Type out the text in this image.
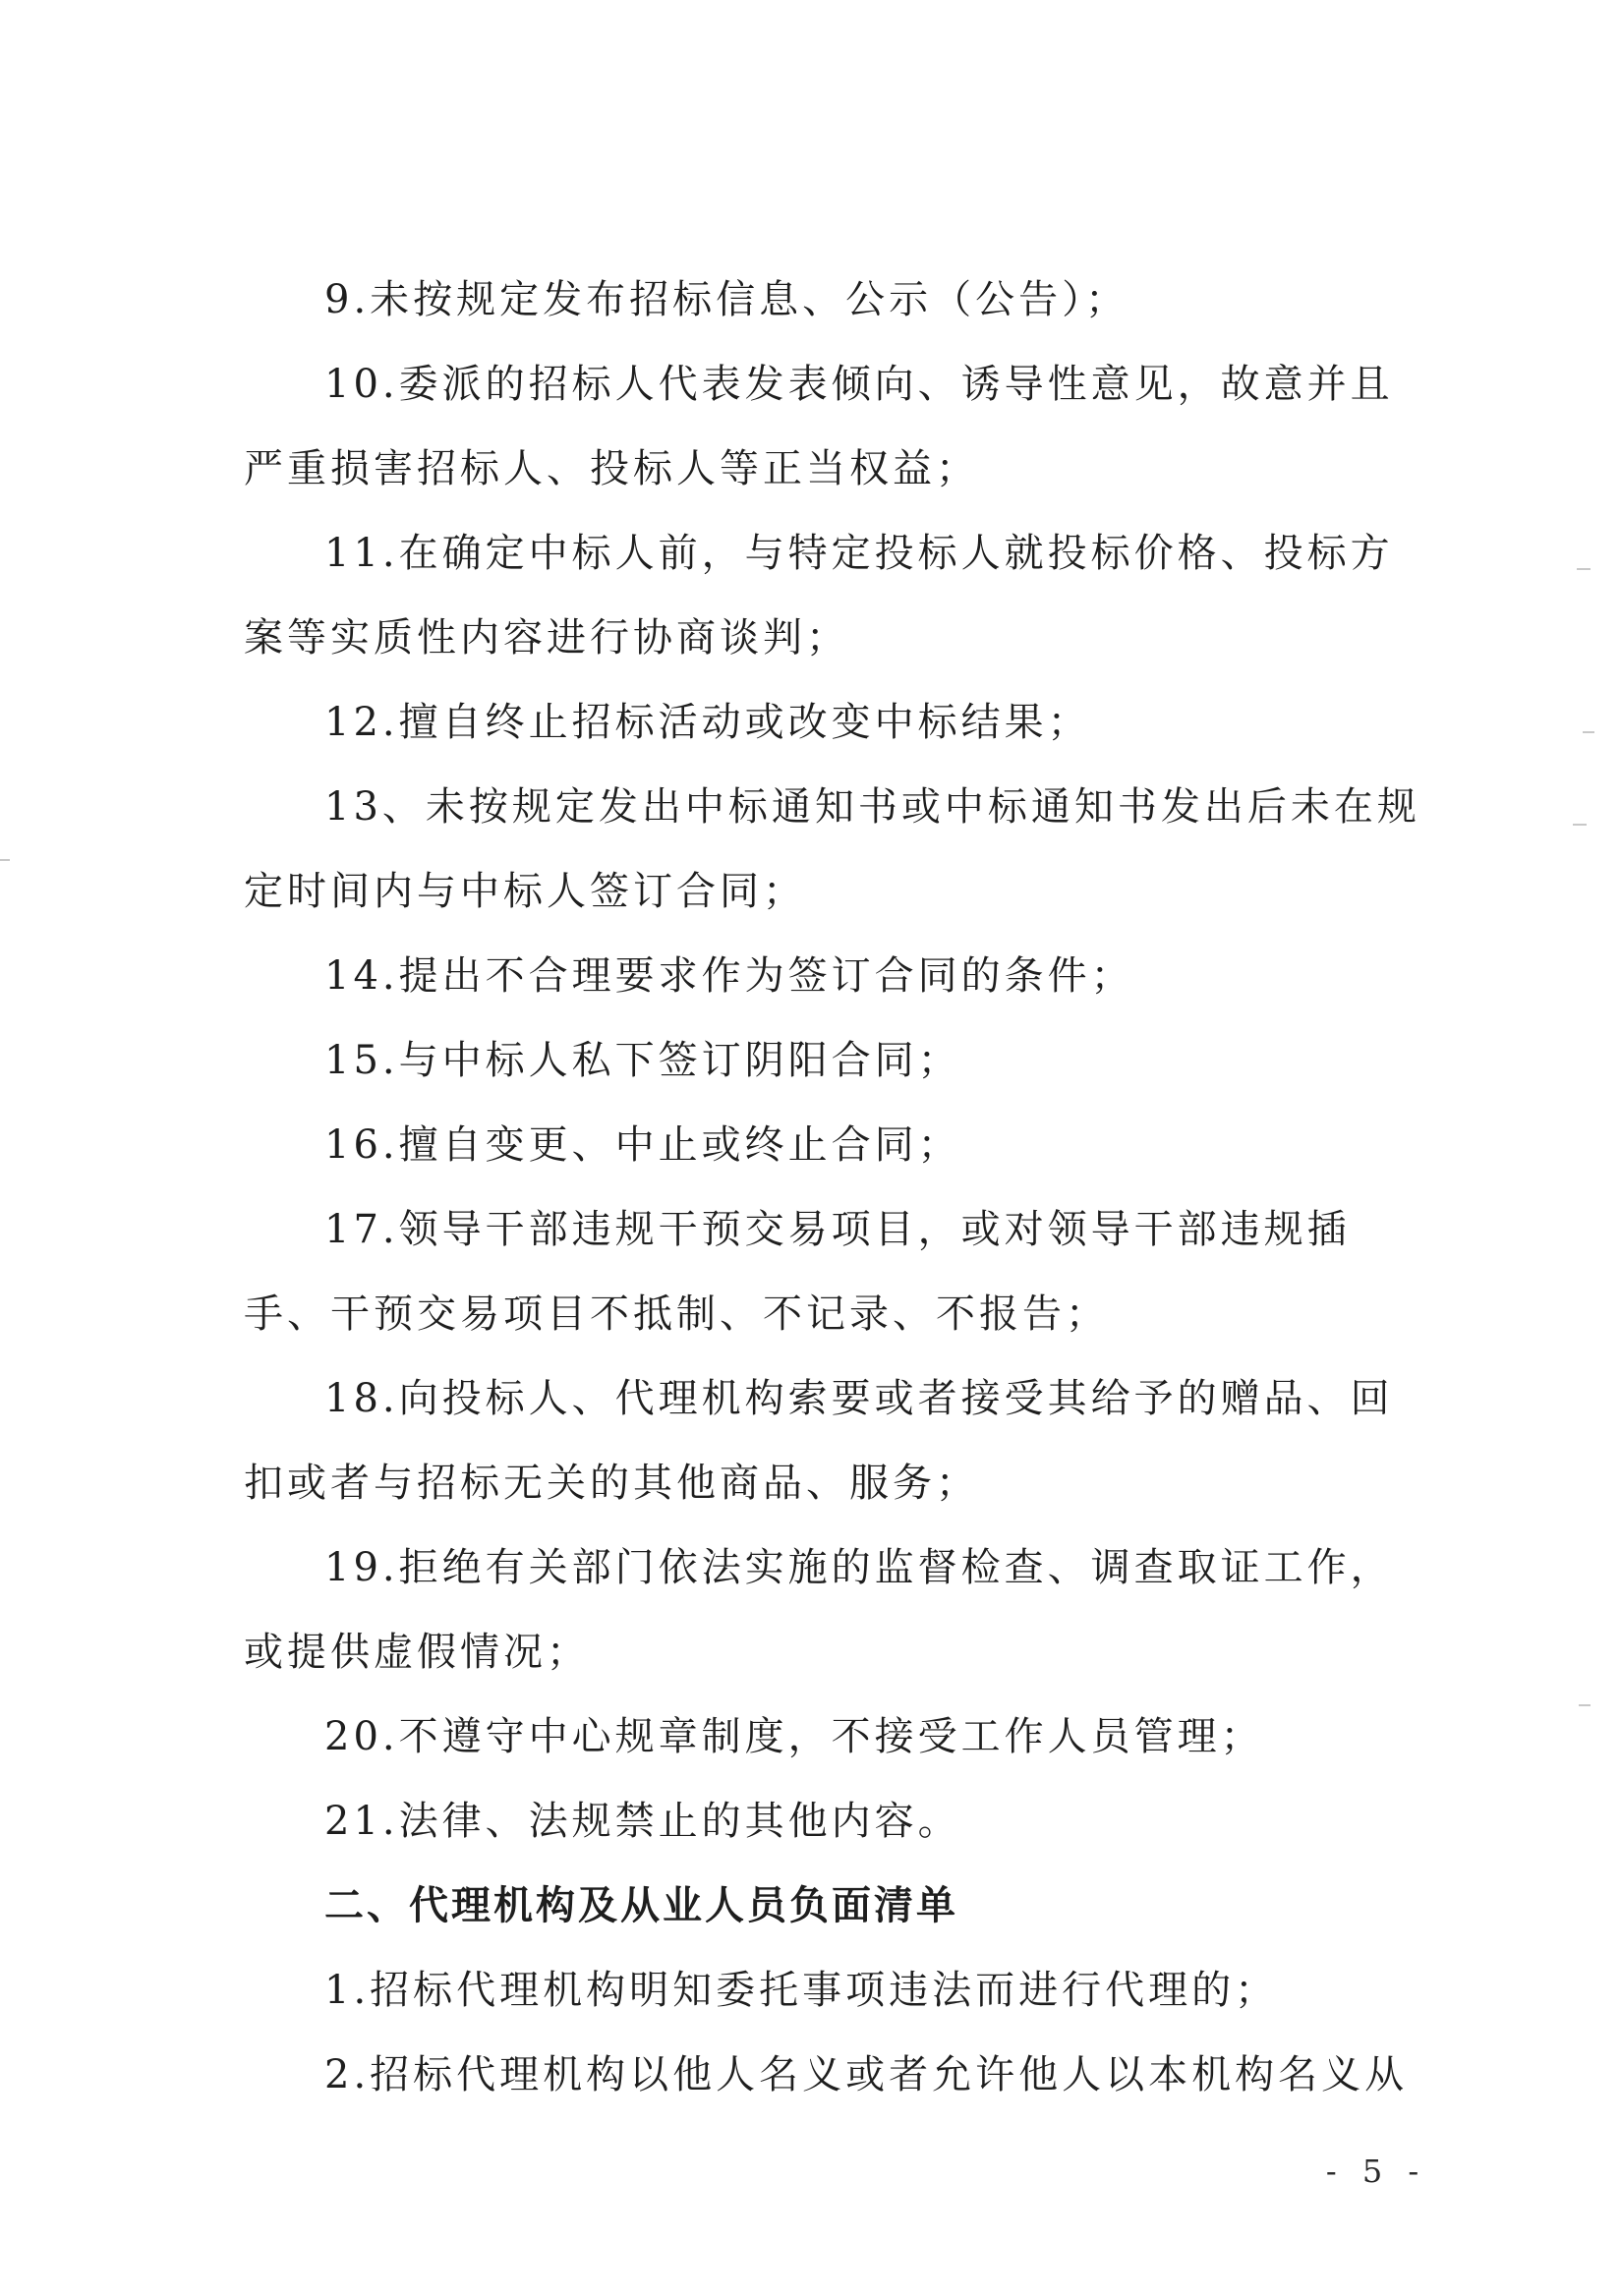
9.未按规定发布招标信息、公示（公告）；

10.委派的招标人代表发表倾向、诱导性意见，故意并且严重损害招标人、投标人等正当权益；

11.在确定中标人前，与特定投标人就投标价格、投标方案等实质性内容进行协商谈判；

12.擅自终止招标活动或改变中标结果；

13、未按规定发出中标通知书或中标通知书发出后未在规定时间内与中标人签订合同；

14.提出不合理要求作为签订合同的条件；

15.与中标人私下签订阴阳合同；

16.擅自变更、中止或终止合同；

17.领导干部违规干预交易项目，或对领导干部违规插手、干预交易项目不抵制、不记录、不报告；

18.向投标人、代理机构索要或者接受其给予的赠品、回扣或者与招标无关的其他商品、服务；

19.拒绝有关部门依法实施的监督检查、调查取证工作，或提供虚假情况；

20.不遵守中心规章制度，不接受工作人员管理；

21.法律、法规禁止的其他内容。

二、代理机构及从业人员负面清单

1.招标代理机构明知委托事项违法而进行代理的；

2.招标代理机构以他人名义或者允许他人以本机构名义从

- 5 -
